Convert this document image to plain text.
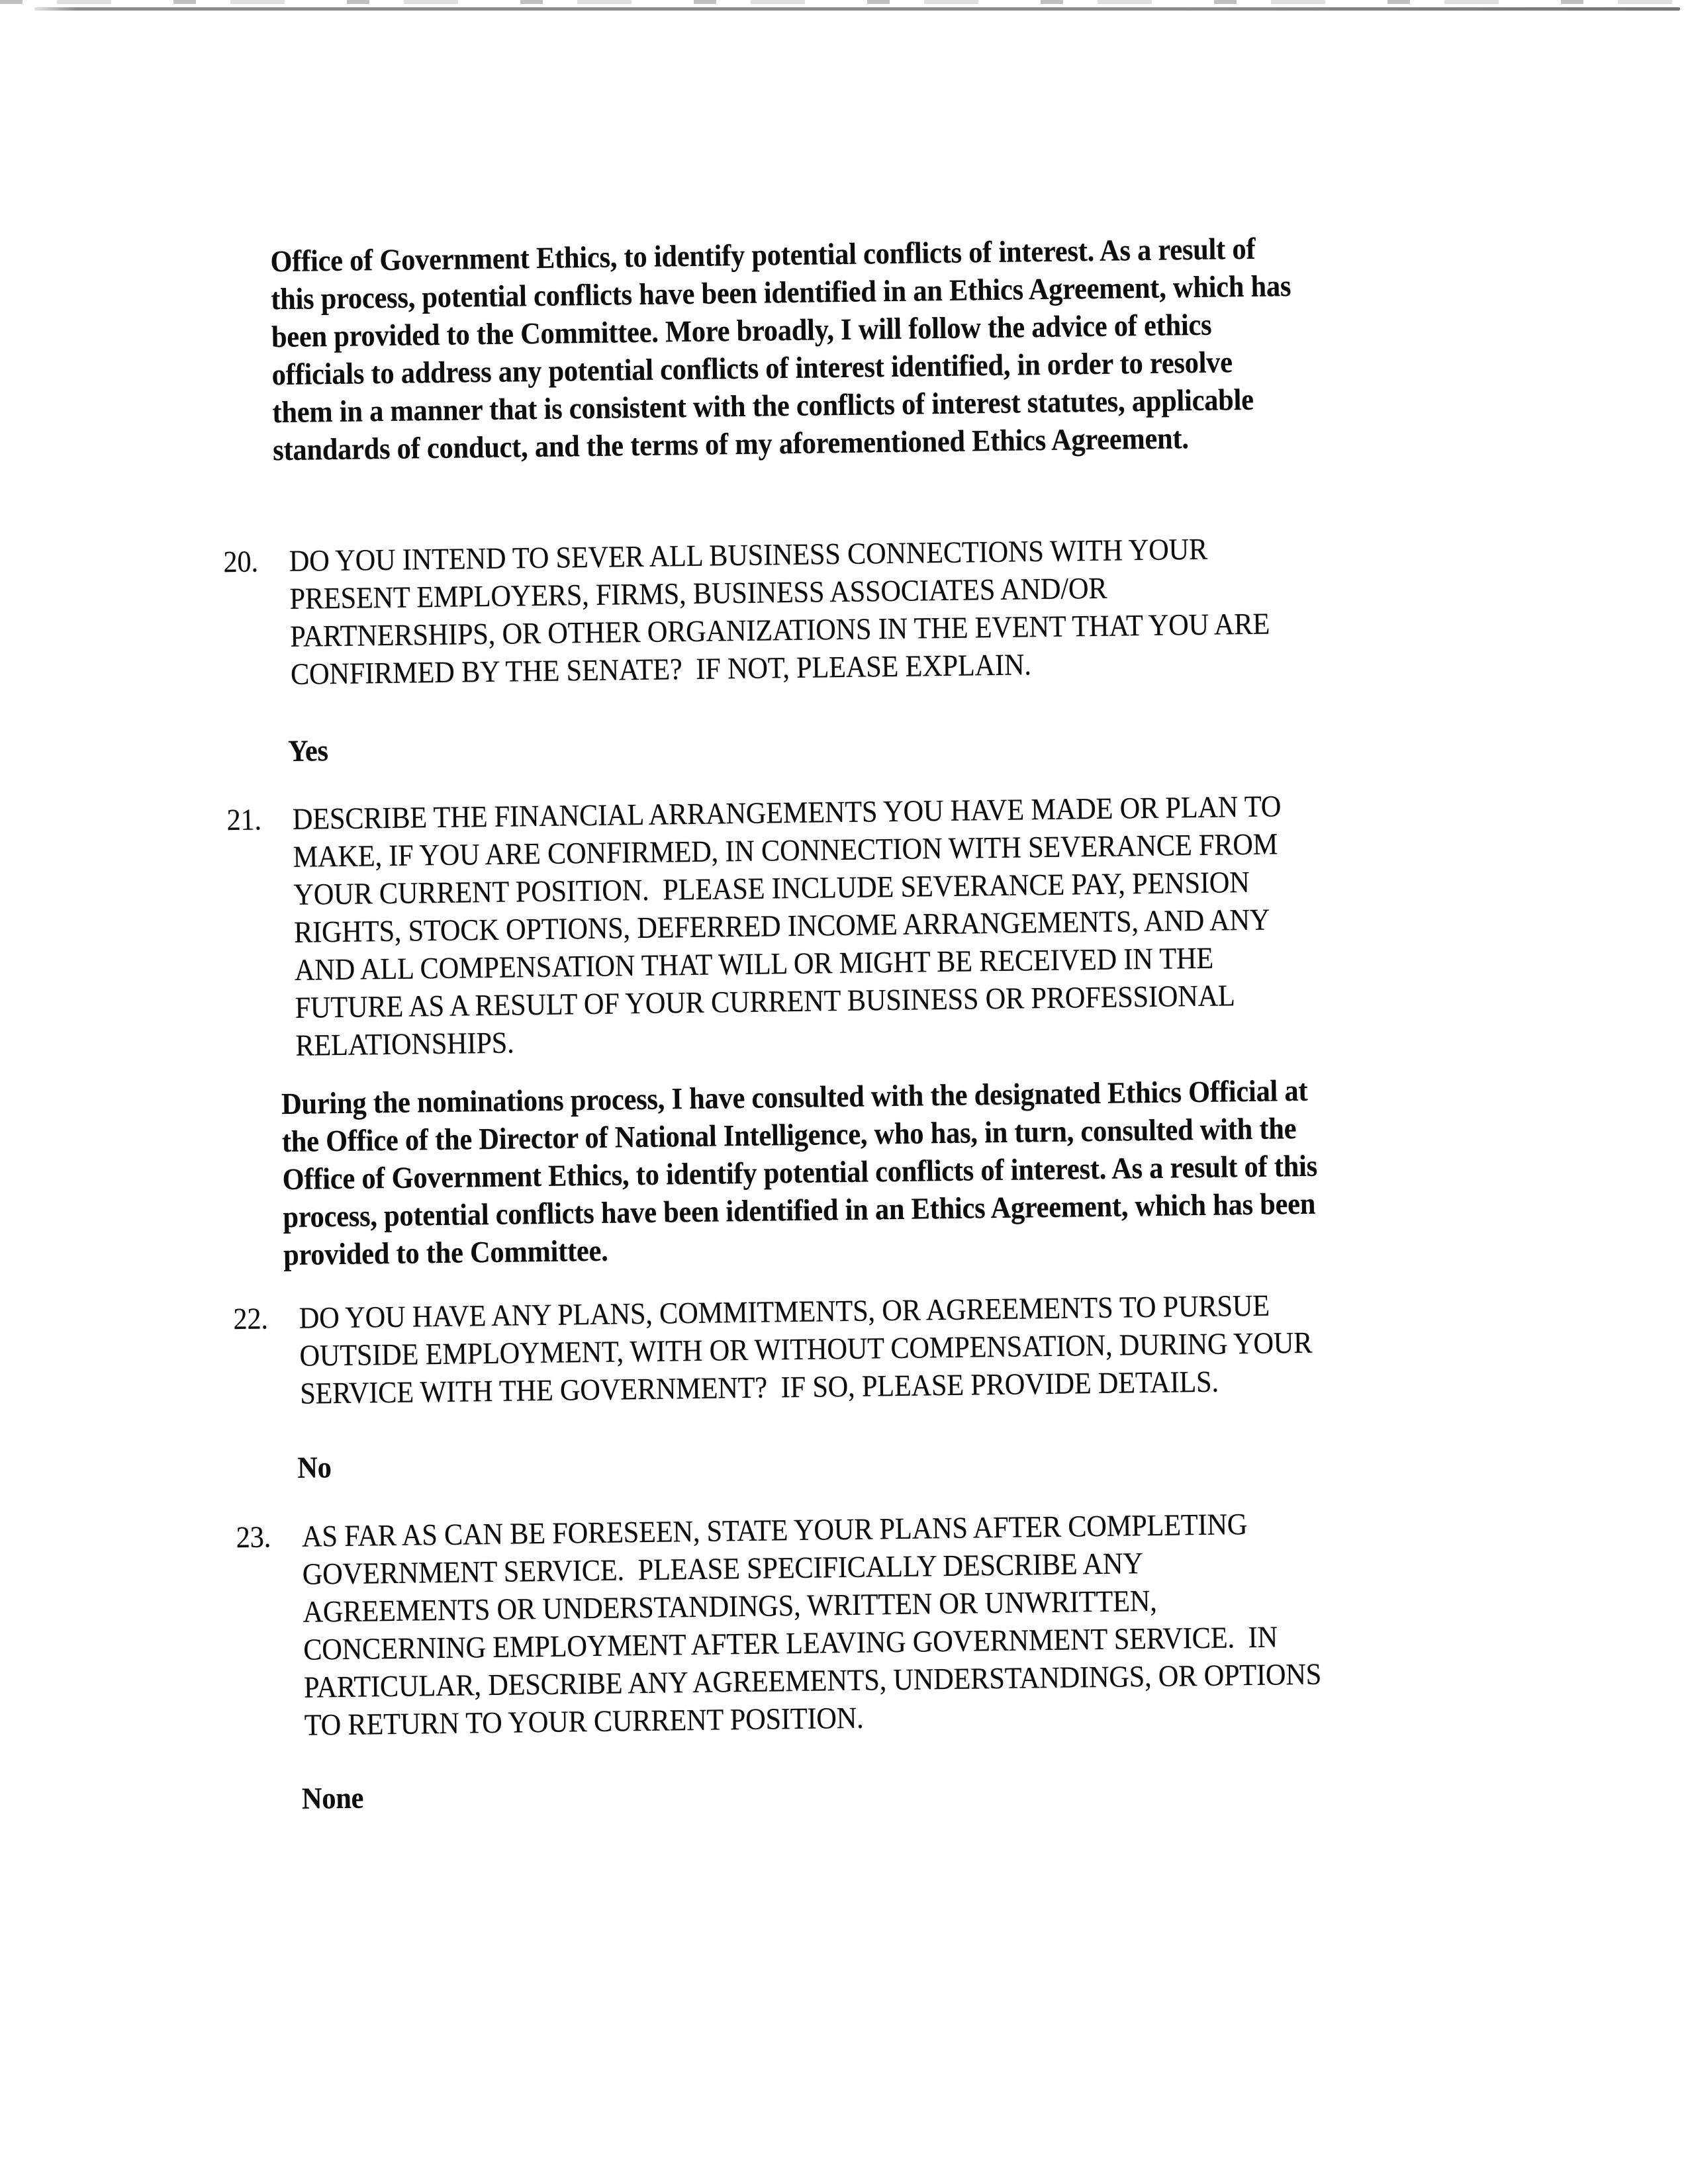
Office of Government Ethics, to identify potential conflicts of interest. As a result of
this process, potential conflicts have been identified in an Ethics Agreement, which has
been provided to the Committee. More broadly, I will follow the advice of ethics
officials to address any potential conflicts of interest identified, in order to resolve
them in a manner that is consistent with the conflicts of interest statutes, applicable
standards of conduct, and the terms of my aforementioned Ethics Agreement.
20.	DO YOU INTEND TO SEVER ALL BUSINESS CONNECTIONS WITH YOUR
PRESENT EMPLOYERS, FIRMS, BUSINESS ASSOCIATES AND/OR
PARTNERSHIPS, OR OTHER ORGANIZATIONS IN THE EVENT THAT YOU ARE
CONFIRMED BY THE SENATE?  IF NOT, PLEASE EXPLAIN.
Yes
21.	DESCRIBE THE FINANCIAL ARRANGEMENTS YOU HAVE MADE OR PLAN TO
MAKE, IF YOU ARE CONFIRMED, IN CONNECTION WITH SEVERANCE FROM
YOUR CURRENT POSITION.  PLEASE INCLUDE SEVERANCE PAY, PENSION
RIGHTS, STOCK OPTIONS, DEFERRED INCOME ARRANGEMENTS, AND ANY
AND ALL COMPENSATION THAT WILL OR MIGHT BE RECEIVED IN THE
FUTURE AS A RESULT OF YOUR CURRENT BUSINESS OR PROFESSIONAL
RELATIONSHIPS.
During the nominations process, I have consulted with the designated Ethics Official at
the Office of the Director of National Intelligence, who has, in turn, consulted with the
Office of Government Ethics, to identify potential conflicts of interest. As a result of this
process, potential conflicts have been identified in an Ethics Agreement, which has been
provided to the Committee.
22.	DO YOU HAVE ANY PLANS, COMMITMENTS, OR AGREEMENTS TO PURSUE
OUTSIDE EMPLOYMENT, WITH OR WITHOUT COMPENSATION, DURING YOUR
SERVICE WITH THE GOVERNMENT?  IF SO, PLEASE PROVIDE DETAILS.
No
23.	AS FAR AS CAN BE FORESEEN, STATE YOUR PLANS AFTER COMPLETING
GOVERNMENT SERVICE.  PLEASE SPECIFICALLY DESCRIBE ANY
AGREEMENTS OR UNDERSTANDINGS, WRITTEN OR UNWRITTEN,
CONCERNING EMPLOYMENT AFTER LEAVING GOVERNMENT SERVICE.  IN
PARTICULAR, DESCRIBE ANY AGREEMENTS, UNDERSTANDINGS, OR OPTIONS
TO RETURN TO YOUR CURRENT POSITION.
None
